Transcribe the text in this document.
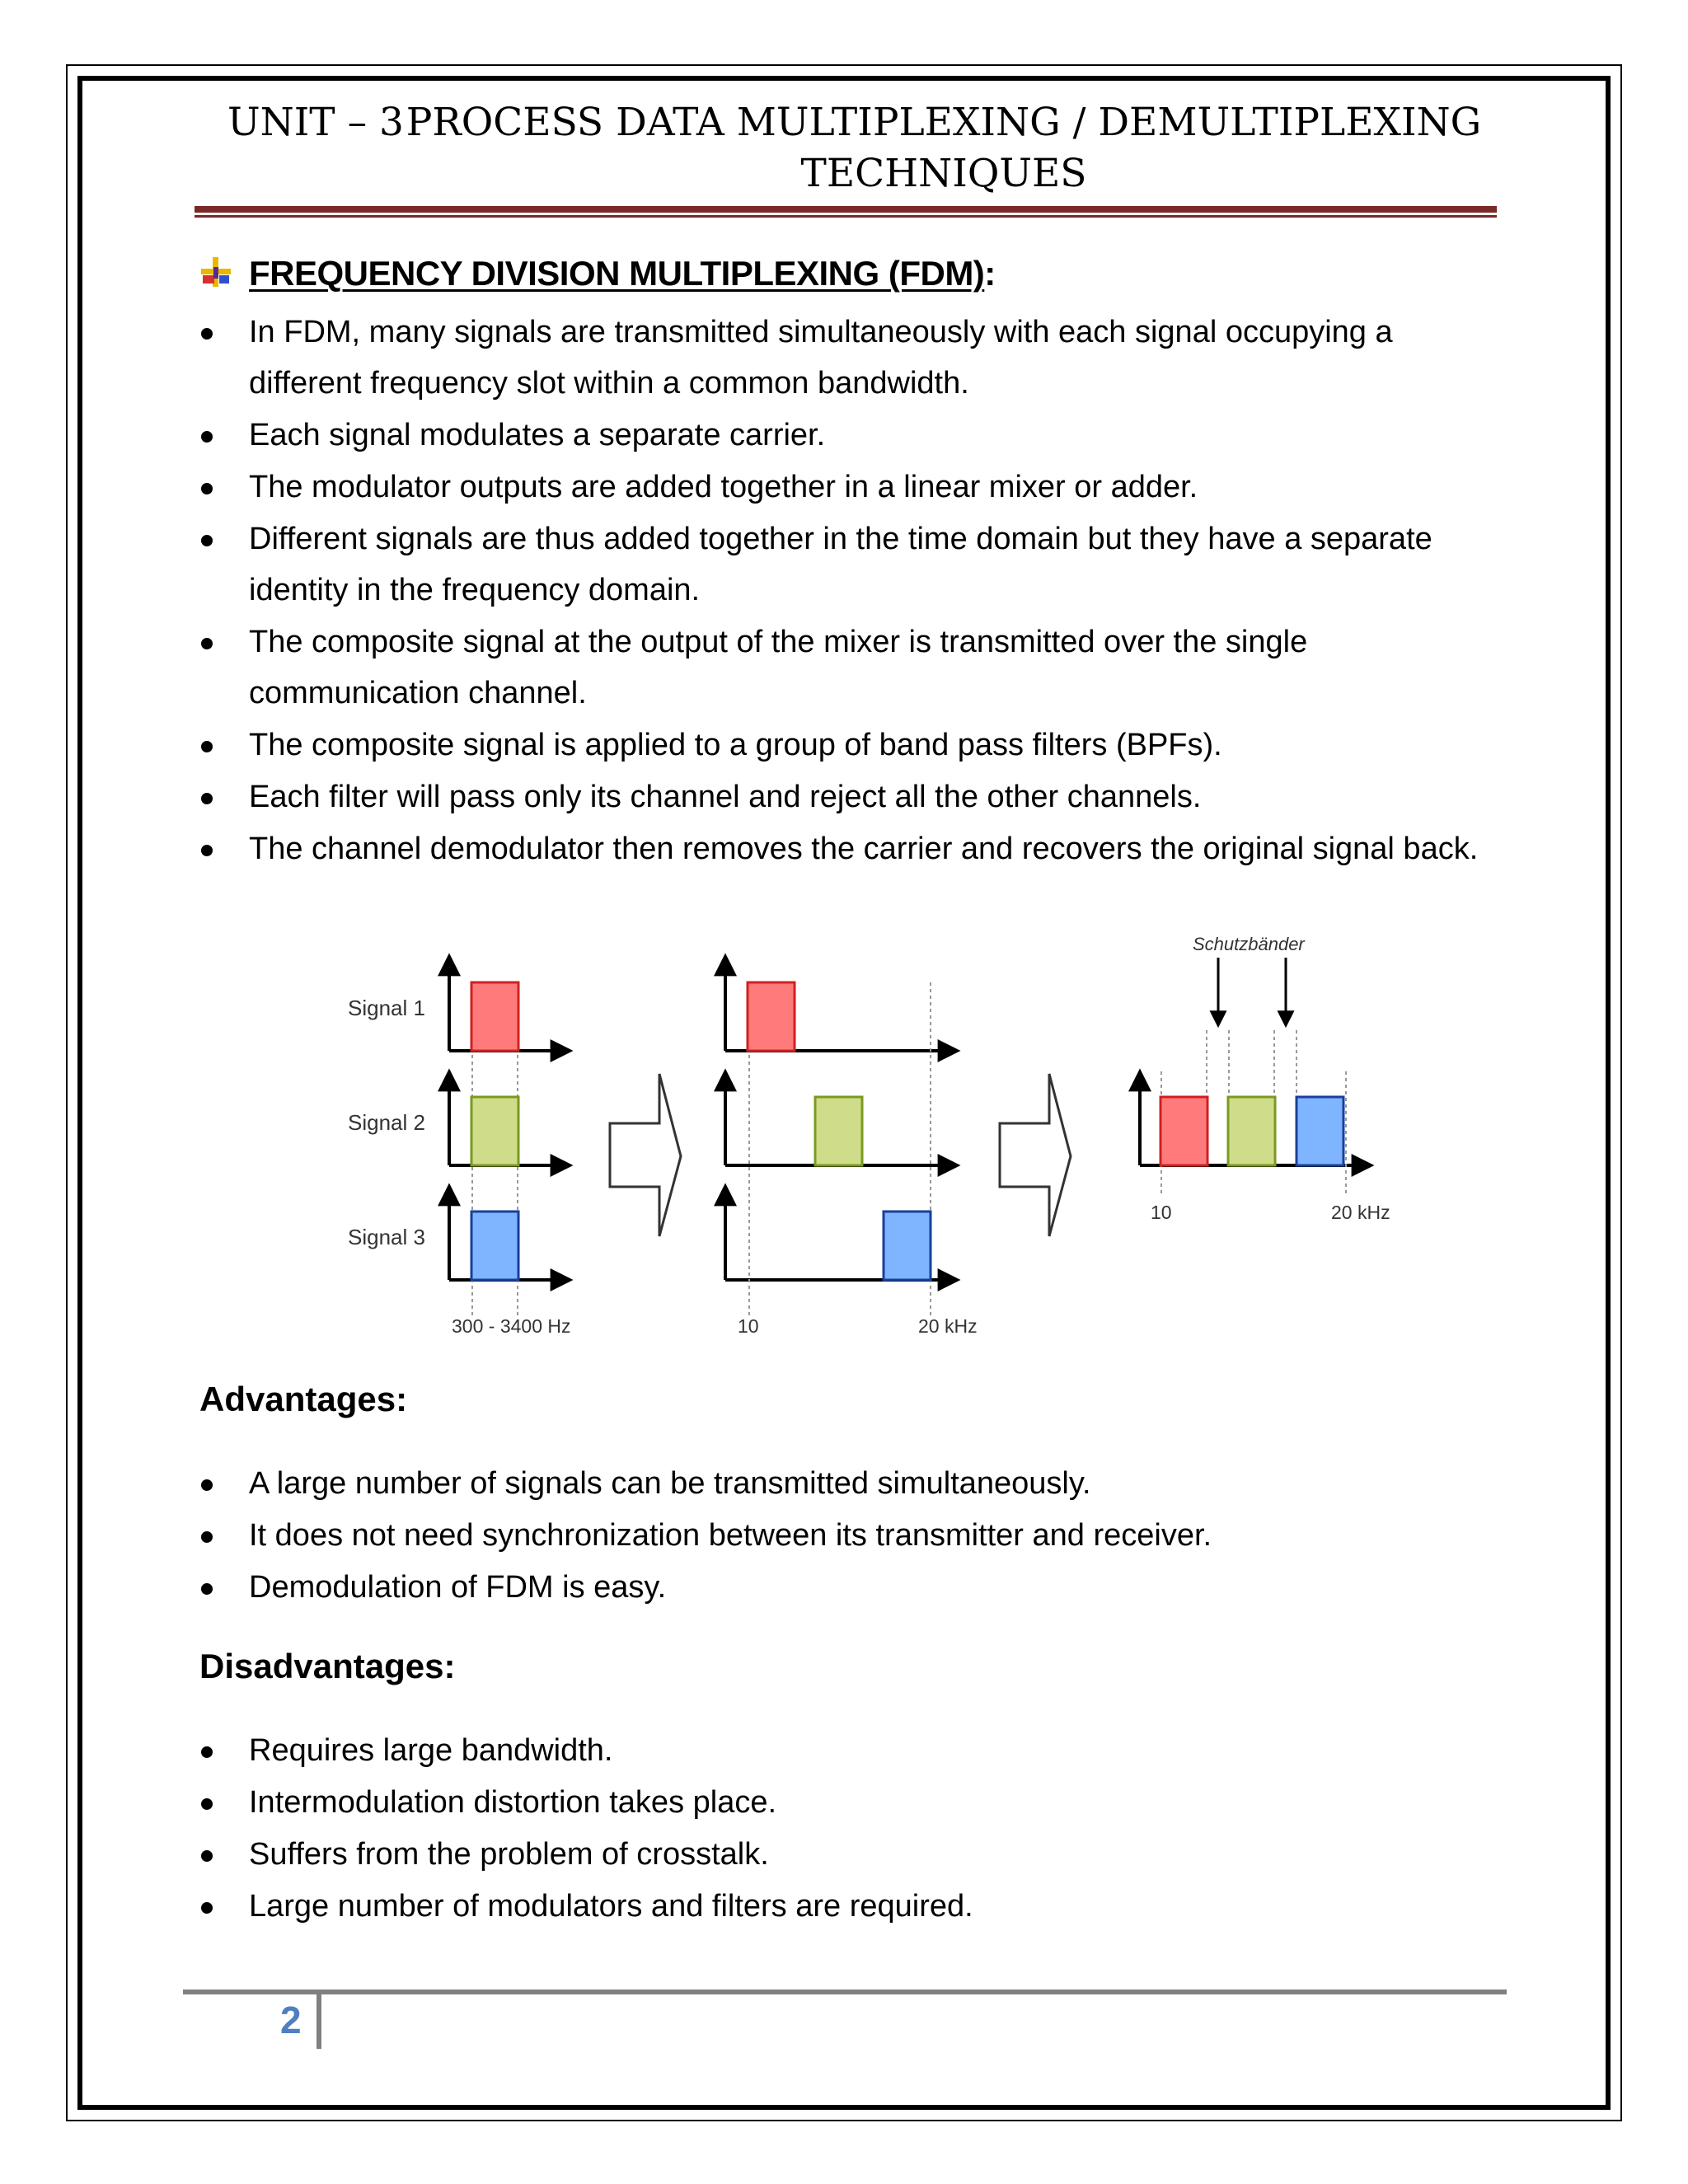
UNIT – 3 PROCESS DATA MULTIPLEXING / DEMULTIPLEXING
TECHNIQUES
FREQUENCY DIVISION MULTIPLEXING (FDM):
In FDM, many signals are transmitted simultaneously with each signal occupying a different frequency slot within a common bandwidth.
Each signal modulates a separate carrier.
The modulator outputs are added together in a linear mixer or adder.
Different signals are thus added together in the time domain but they have a separate identity in the frequency domain.
The composite signal at the output of the mixer is transmitted over the single communication channel.
The composite signal is applied to a group of band pass filters (BPFs).
Each filter will pass only its channel and reject all the other channels.
The channel demodulator then removes the carrier and recovers the original signal back.
Signal 1
Signal 2
Signal 3
300 - 3400 Hz	10	20 kHz
Schutzbänder
10	20 kHz
Advantages:
A large number of signals can be transmitted simultaneously.
It does not need synchronization between its transmitter and receiver.
Demodulation of FDM is easy.
Disadvantages:
Requires large bandwidth.
Intermodulation distortion takes place.
Suffers from the problem of crosstalk.
Large number of modulators and filters are required.
2
